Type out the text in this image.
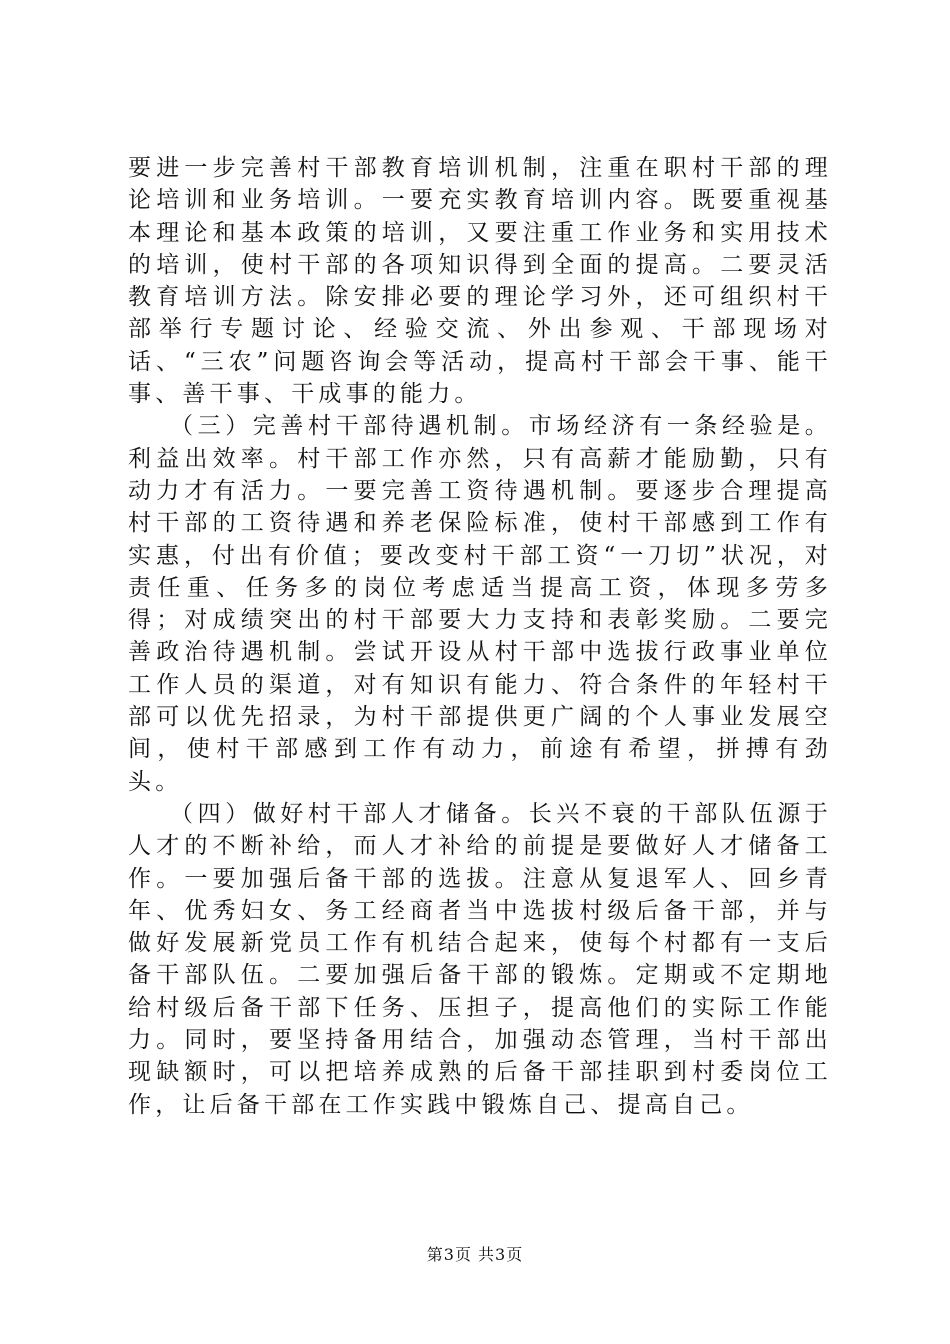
要进一步完善村干部教育培训机制，注重在职村干部的理论培训和业务培训。一要充实教育培训内容。既要重视基本理论和基本政策的培训，又要注重工作业务和实用技术的培训，使村干部的各项知识得到全面的提高。二要灵活教育培训方法。除安排必要的理论学习外，还可组织村干部举行专题讨论、经验交流、外出参观、干部现场对话、“三农”问题咨询会等活动，提高村干部会干事、能干事、善干事、干成事的能力。

（三）完善村干部待遇机制。市场经济有一条经验是。利益出效率。村干部工作亦然，只有高薪才能励勤，只有动力才有活力。一要完善工资待遇机制。要逐步合理提高村干部的工资待遇和养老保险标准，使村干部感到工作有实惠，付出有价值；要改变村干部工资“一刀切”状况，对责任重、任务多的岗位考虑适当提高工资，体现多劳多得；对成绩突出的村干部要大力支持和表彰奖励。二要完善政治待遇机制。尝试开设从村干部中选拔行政事业单位工作人员的渠道，对有知识有能力、符合条件的年轻村干部可以优先招录，为村干部提供更广阔的个人事业发展空间，使村干部感到工作有动力，前途有希望，拼搏有劲头。

（四）做好村干部人才储备。长兴不衰的干部队伍源于人才的不断补给，而人才补给的前提是要做好人才储备工作。一要加强后备干部的选拔。注意从复退军人、回乡青年、优秀妇女、务工经商者当中选拔村级后备干部，并与做好发展新党员工作有机结合起来，使每个村都有一支后备干部队伍。二要加强后备干部的锻炼。定期或不定期地给村级后备干部下任务、压担子，提高他们的实际工作能力。同时，要坚持备用结合，加强动态管理，当村干部出现缺额时，可以把培养成熟的后备干部挂职到村委岗位工作，让后备干部在工作实践中锻炼自己、提高自己。

第3页 共3页
